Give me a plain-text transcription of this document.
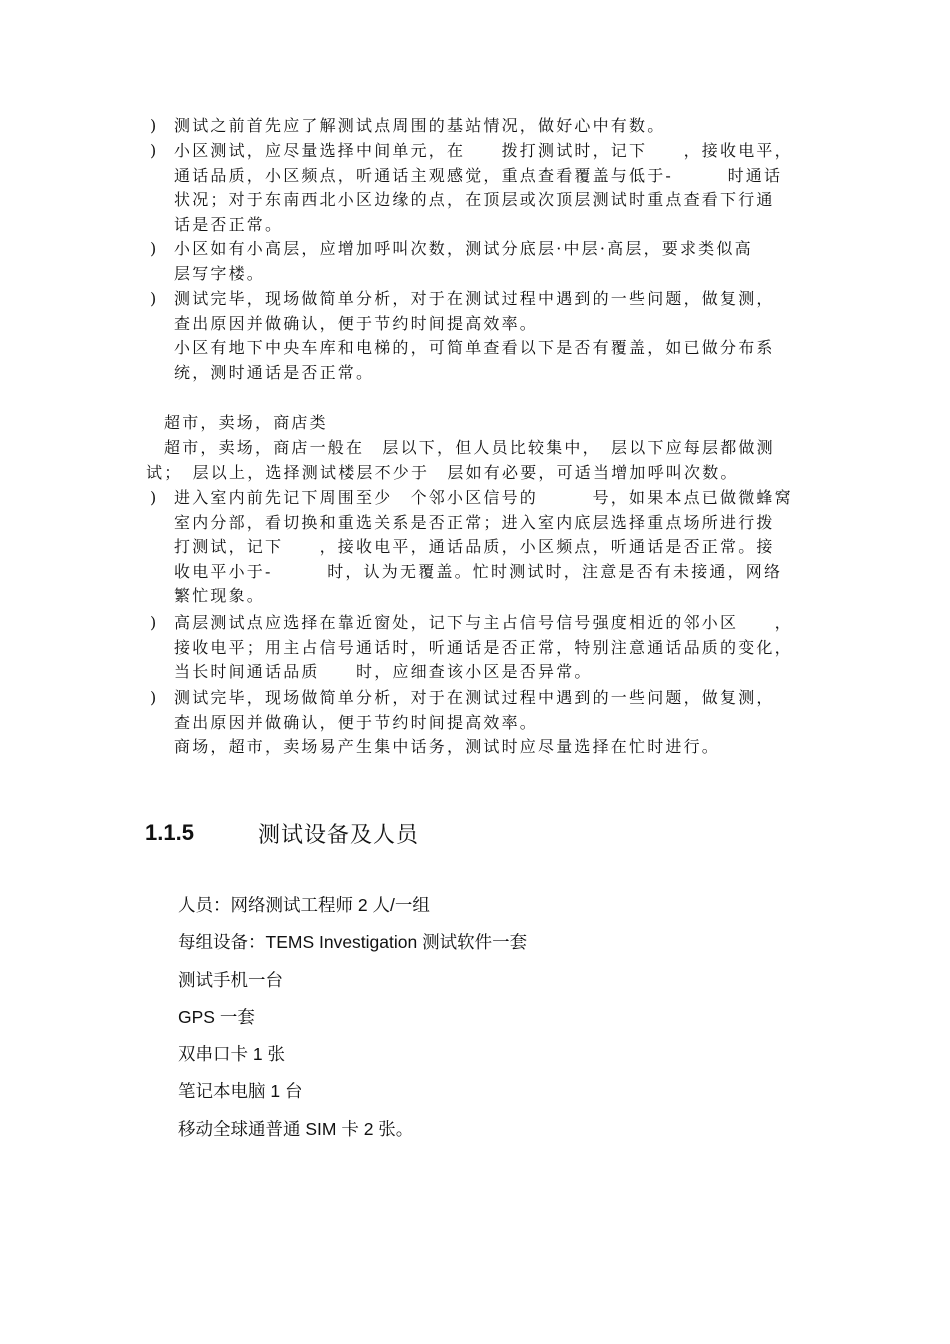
)	测试之前首先应了解测试点周围的基站情况，做好心中有数。
)	小区测试，应尽量选择中间单元，在　　拨打测试时，记下　　，接收电平，
通话品质，小区频点，听通话主观感觉，重点查看覆盖与低于-　　　时通话
状况；对于东南西北小区边缘的点，在顶层或次顶层测试时重点查看下行通
话是否正常。
)	小区如有小高层，应增加呼叫次数，测试分底层·中层·高层，要求类似高
层写字楼。
)	测试完毕，现场做简单分析，对于在测试过程中遇到的一些问题，做复测，
查出原因并做确认，便于节约时间提高效率。
小区有地下中央车库和电梯的，可简单查看以下是否有覆盖，如已做分布系
统，测时通话是否正常。
超市，卖场，商店类
超市，卖场，商店一般在　层以下，但人员比较集中，　层以下应每层都做测
试；　层以上，选择测试楼层不少于　层如有必要，可适当增加呼叫次数。
)	进入室内前先记下周围至少　个邻小区信号的　　　号，如果本点已做微蜂窝
室内分部，看切换和重选关系是否正常；进入室内底层选择重点场所进行拨
打测试，记下　　，接收电平，通话品质，小区频点，听通话是否正常。接
收电平小于-　　　时，认为无覆盖。忙时测试时，注意是否有未接通，网络
繁忙现象。
)	高层测试点应选择在靠近窗处，记下与主占信号信号强度相近的邻小区　　，
接收电平；用主占信号通话时，听通话是否正常，特别注意通话品质的变化，
当长时间通话品质　　时，应细查该小区是否异常。
)	测试完毕，现场做简单分析，对于在测试过程中遇到的一些问题，做复测，
查出原因并做确认，便于节约时间提高效率。
商场，超市，卖场易产生集中话务，测试时应尽量选择在忙时进行。
1.1.5	测试设备及人员
人员：网络测试工程师 2 人/一组
每组设备：TEMS Investigation 测试软件一套
测试手机一台
GPS 一套
双串口卡 1 张
笔记本电脑 1 台
移动全球通普通 SIM 卡 2 张。
